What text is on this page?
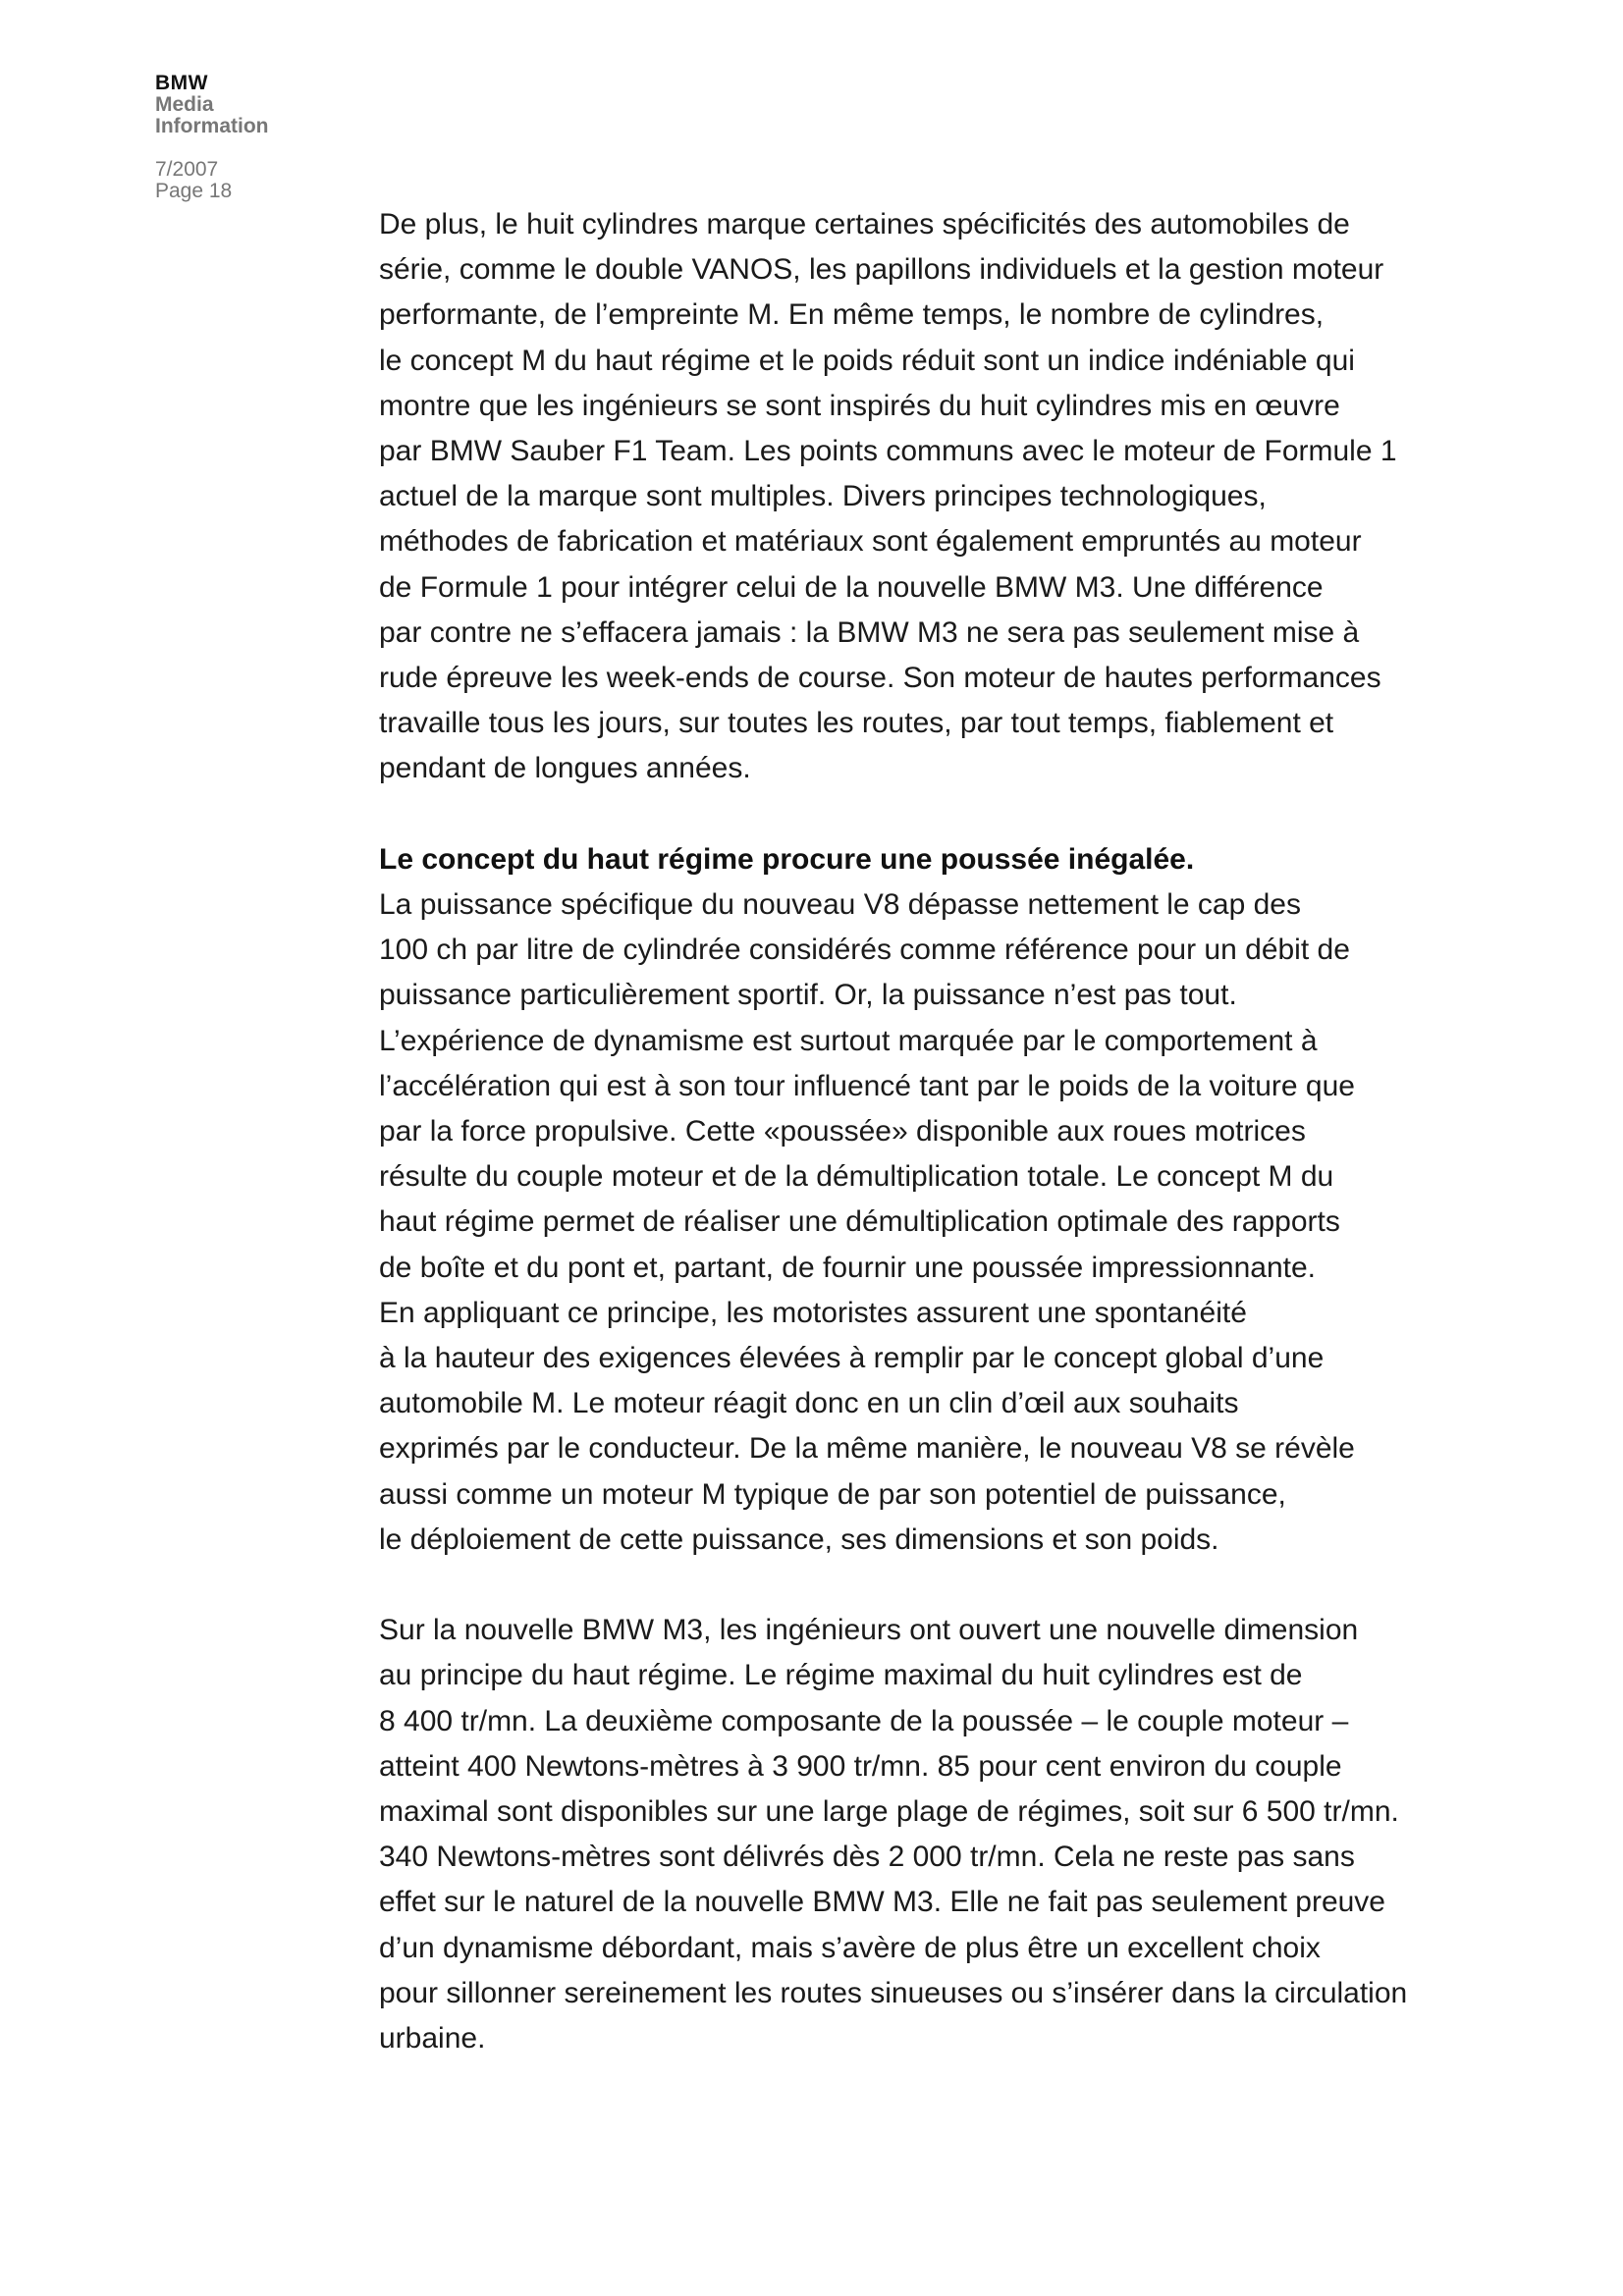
BMW
Media
Information
7/2007
Page 18
De plus, le huit cylindres marque certaines spécificités des automobiles de
série, comme le double VANOS, les papillons individuels et la gestion moteur
performante, de l’empreinte M. En même temps, le nombre de cylindres,
le concept M du haut régime et le poids réduit sont un indice indéniable qui
montre que les ingénieurs se sont inspirés du huit cylindres mis en œuvre
par BMW Sauber F1 Team. Les points communs avec le moteur de Formule 1
actuel de la marque sont multiples. Divers principes technologiques,
méthodes de fabrication et matériaux sont également empruntés au moteur
de Formule 1 pour intégrer celui de la nouvelle BMW M3. Une différence
par contre ne s’effacera jamais : la BMW M3 ne sera pas seulement mise à
rude épreuve les week-ends de course. Son moteur de hautes performances
travaille tous les jours, sur toutes les routes, par tout temps, fiablement et
pendant de longues années.
Le concept du haut régime procure une poussée inégalée.
La puissance spécifique du nouveau V8 dépasse nettement le cap des
100 ch par litre de cylindrée considérés comme référence pour un débit de
puissance particulièrement sportif. Or, la puissance n’est pas tout.
L’expérience de dynamisme est surtout marquée par le comportement à
l’accélération qui est à son tour influencé tant par le poids de la voiture que
par la force propulsive. Cette «poussée» disponible aux roues motrices
résulte du couple moteur et de la démultiplication totale. Le concept M du
haut régime permet de réaliser une démultiplication optimale des rapports
de boîte et du pont et, partant, de fournir une poussée impressionnante.
En appliquant ce principe, les motoristes assurent une spontanéité
à la hauteur des exigences élevées à remplir par le concept global d’une
automobile M. Le moteur réagit donc en un clin d’œil aux souhaits
exprimés par le conducteur. De la même manière, le nouveau V8 se révèle
aussi comme un moteur M typique de par son potentiel de puissance,
le déploiement de cette puissance, ses dimensions et son poids.
Sur la nouvelle BMW M3, les ingénieurs ont ouvert une nouvelle dimension
au principe du haut régime. Le régime maximal du huit cylindres est de
8 400 tr/mn. La deuxième composante de la poussée – le couple moteur –
atteint 400 Newtons-mètres à 3 900 tr/mn. 85 pour cent environ du couple
maximal sont disponibles sur une large plage de régimes, soit sur 6 500 tr/mn.
340 Newtons-mètres sont délivrés dès 2 000 tr/mn. Cela ne reste pas sans
effet sur le naturel de la nouvelle BMW M3. Elle ne fait pas seulement preuve
d’un dynamisme débordant, mais s’avère de plus être un excellent choix
pour sillonner sereinement les routes sinueuses ou s’insérer dans la circulation
urbaine.
